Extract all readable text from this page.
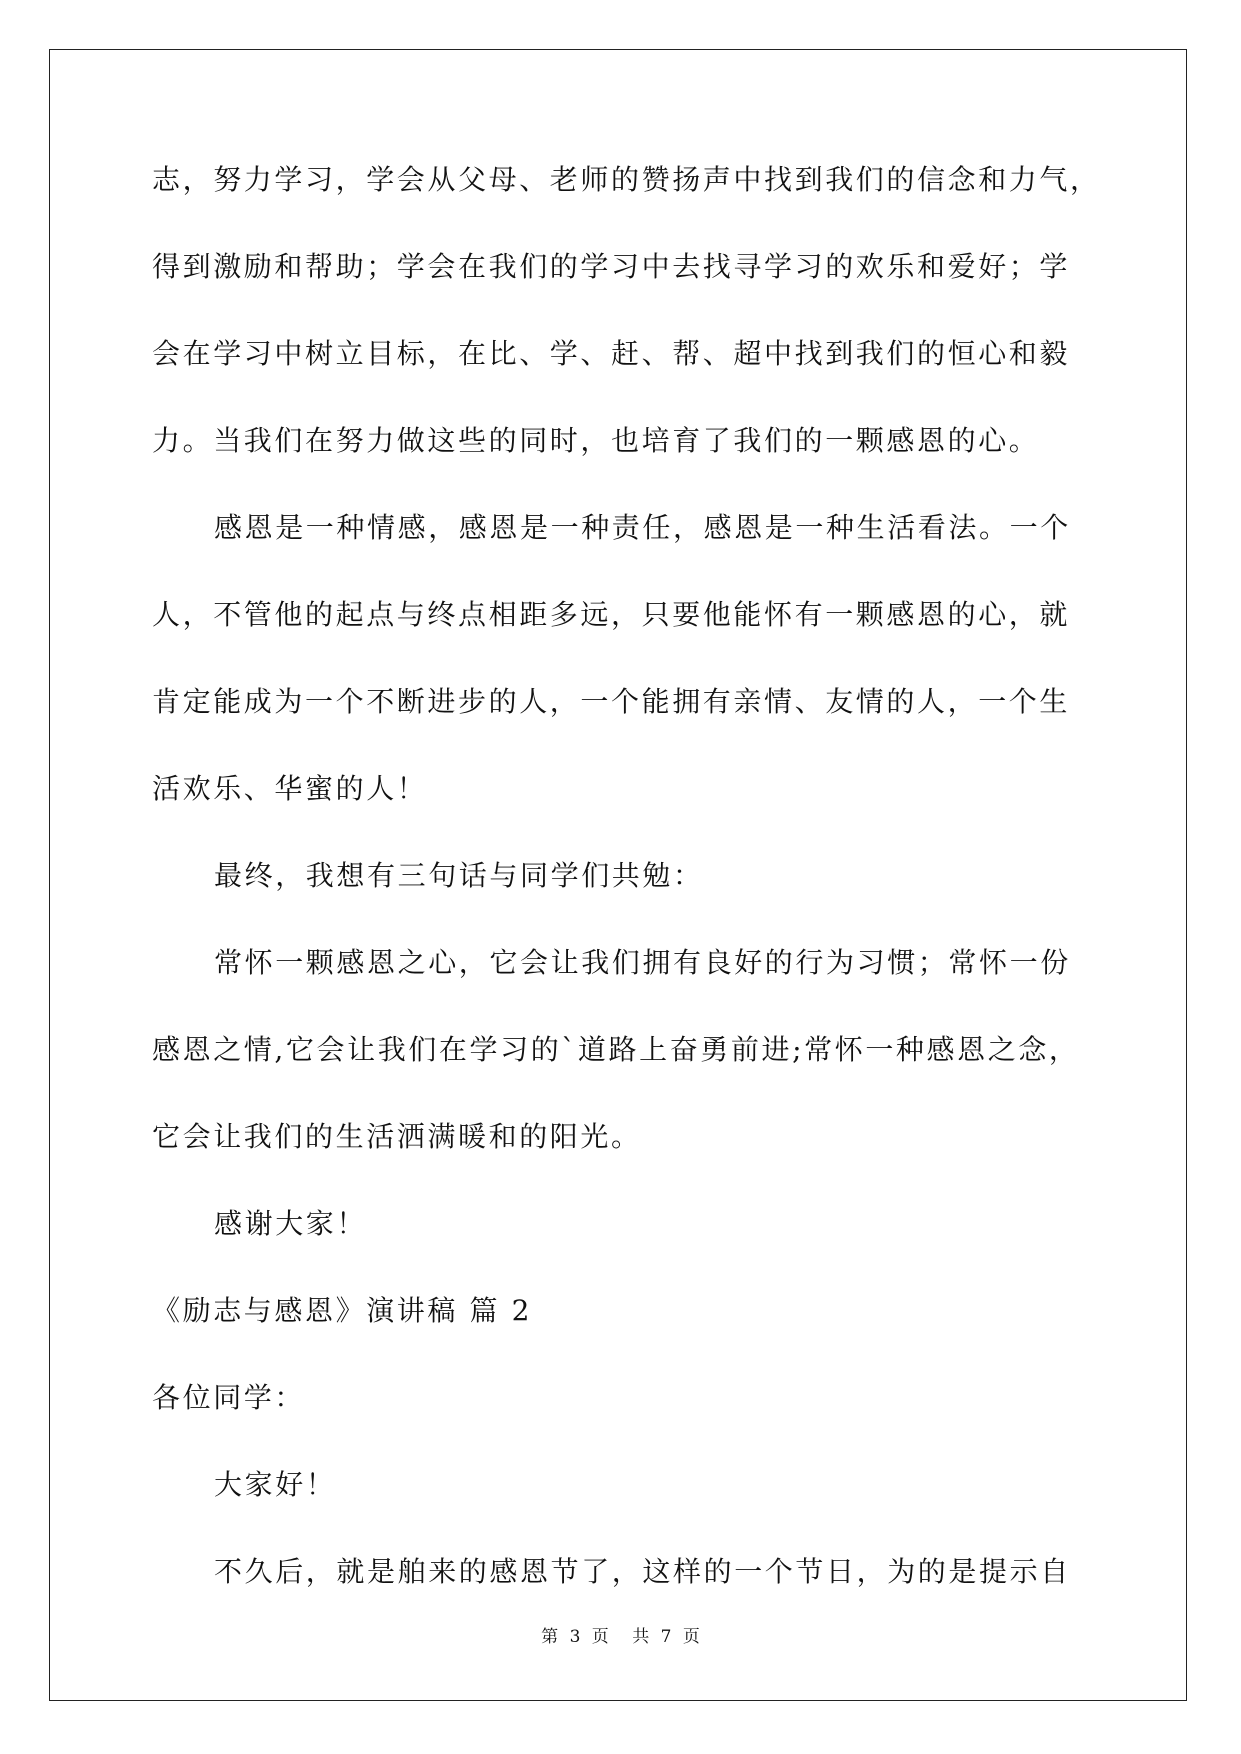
志，努力学习，学会从父母、老师的赞扬声中找到我们的信念和力气，
得到激励和帮助；学会在我们的学习中去找寻学习的欢乐和爱好；学
会在学习中树立目标，在比、学、赶、帮、超中找到我们的恒心和毅
力。当我们在努力做这些的同时，也培育了我们的一颗感恩的心。
感恩是一种情感，感恩是一种责任，感恩是一种生活看法。一个
人，不管他的起点与终点相距多远，只要他能怀有一颗感恩的心，就
肯定能成为一个不断进步的人，一个能拥有亲情、友情的人，一个生
活欢乐、华蜜的人！
最终，我想有三句话与同学们共勉：
常怀一颗感恩之心，它会让我们拥有良好的行为习惯；常怀一份
感恩之情,它会让我们在学习的`道路上奋勇前进;常怀一种感恩之念，
它会让我们的生活洒满暖和的阳光。
感谢大家！
《励志与感恩》演讲稿 篇 2
各位同学：
大家好！
不久后，就是舶来的感恩节了，这样的一个节日，为的是提示自
第 3 页 共 7 页
